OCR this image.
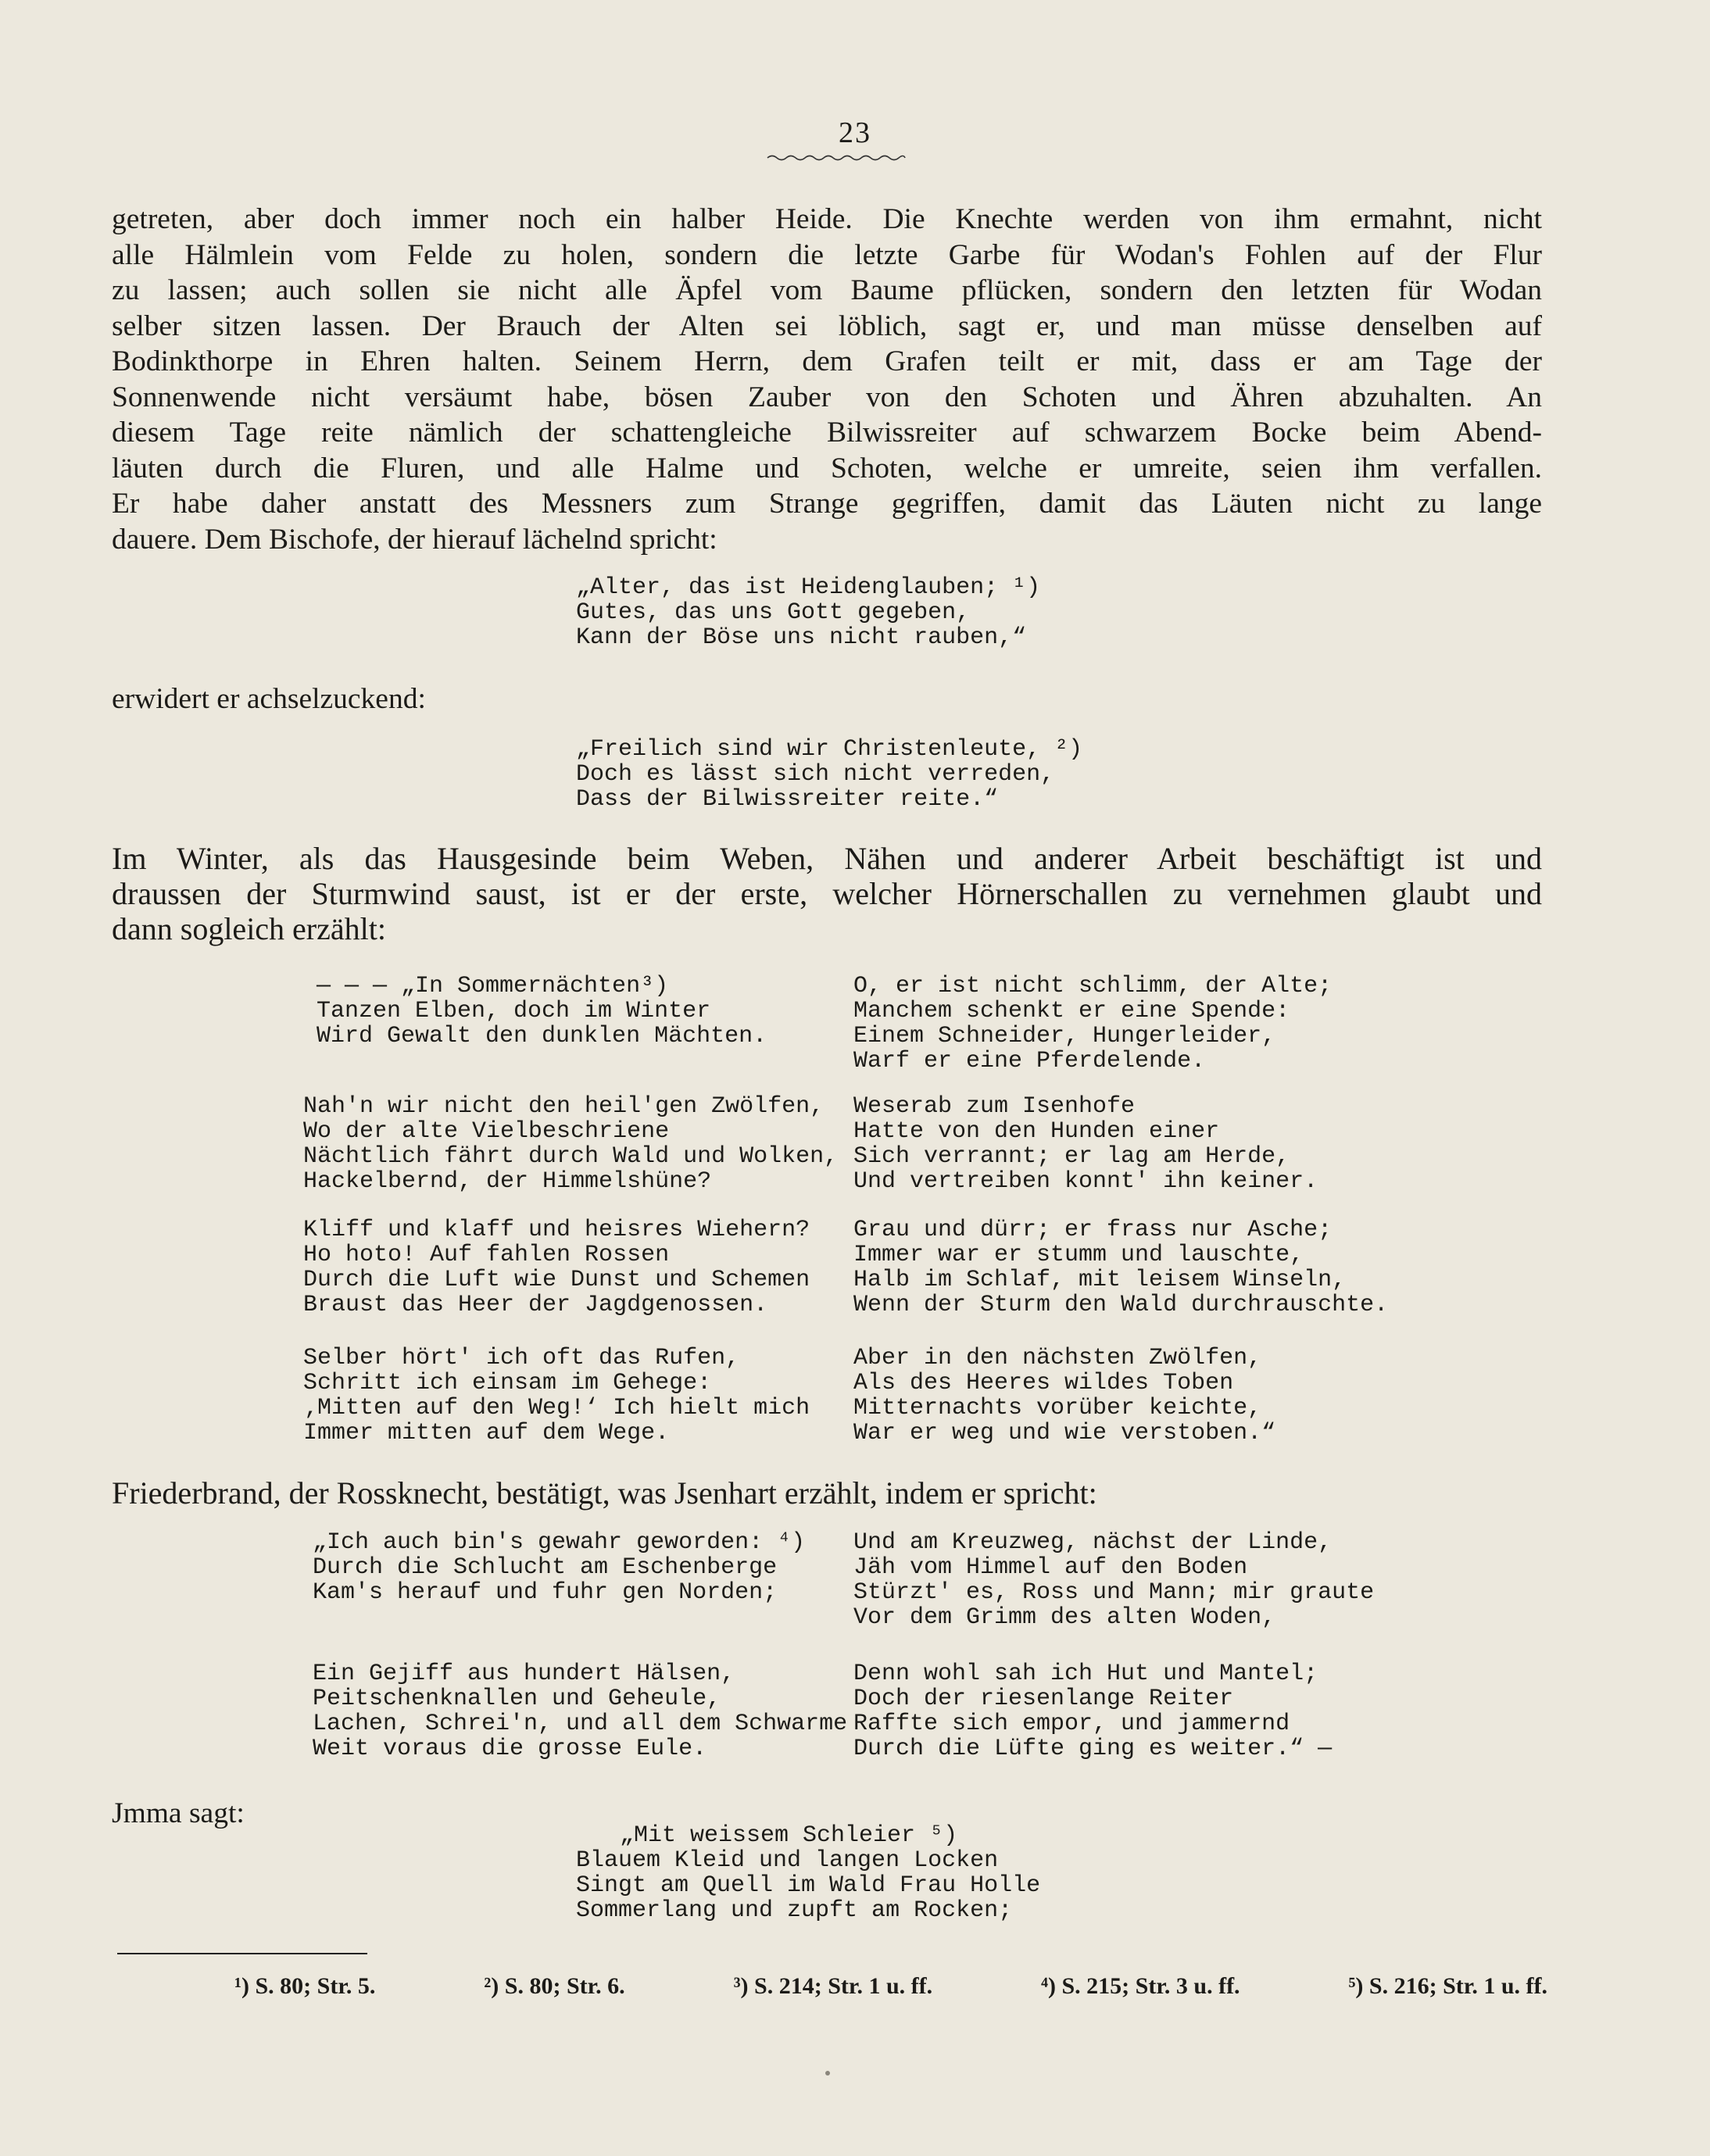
23
getreten, aber doch immer noch ein halber Heide. Die Knechte werden von ihm ermahnt, nicht
alle Hälmlein vom Felde zu holen, sondern die letzte Garbe für Wodan's Fohlen auf der Flur
zu lassen; auch sollen sie nicht alle Äpfel vom Baume pflücken, sondern den letzten für Wodan
selber sitzen lassen. Der Brauch der Alten sei löblich, sagt er, und man müsse denselben auf
Bodinkthorpe in Ehren halten. Seinem Herrn, dem Grafen teilt er mit, dass er am Tage der
Sonnenwende nicht versäumt habe, bösen Zauber von den Schoten und Ähren abzuhalten. An
diesem Tage reite nämlich der schattengleiche Bilwissreiter auf schwarzem Bocke beim Abend-
läuten durch die Fluren, und alle Halme und Schoten, welche er umreite, seien ihm verfallen.
Er habe daher anstatt des Messners zum Strange gegriffen, damit das Läuten nicht zu lange
dauere. Dem Bischofe, der hierauf lächelnd spricht:
„Alter, das ist Heidenglauben; ¹)
Gutes, das uns Gott gegeben,
Kann der Böse uns nicht rauben,“
erwidert er achselzuckend:
„Freilich sind wir Christenleute, ²)
Doch es lässt sich nicht verreden,
Dass der Bilwissreiter reite.“
Im Winter, als das Hausgesinde beim Weben, Nähen und anderer Arbeit beschäftigt ist und
draussen der Sturmwind saust, ist er der erste, welcher Hörnerschallen zu vernehmen glaubt und
dann sogleich erzählt:
— — — „In Sommernächten³)
Tanzen Elben, doch im Winter
Wird Gewalt den dunklen Mächten.
Nah'n wir nicht den heil'gen Zwölfen,
Wo der alte Vielbeschriene
Nächtlich fährt durch Wald und Wolken,
Hackelbernd, der Himmelshüne?
Kliff und klaff und heisres Wiehern?
Ho hoto! Auf fahlen Rossen
Durch die Luft wie Dunst und Schemen
Braust das Heer der Jagdgenossen.
Selber hört' ich oft das Rufen,
Schritt ich einsam im Gehege:
‚Mitten auf den Weg!‘ Ich hielt mich
Immer mitten auf dem Wege.
O, er ist nicht schlimm, der Alte;
Manchem schenkt er eine Spende:
Einem Schneider, Hungerleider,
Warf er eine Pferdelende.
Weserab zum Isenhofe
Hatte von den Hunden einer
Sich verrannt; er lag am Herde,
Und vertreiben konnt' ihn keiner.
Grau und dürr; er frass nur Asche;
Immer war er stumm und lauschte,
Halb im Schlaf, mit leisem Winseln,
Wenn der Sturm den Wald durchrauschte.
Aber in den nächsten Zwölfen,
Als des Heeres wildes Toben
Mitternachts vorüber keichte,
War er weg und wie verstoben.“
Friederbrand, der Rossknecht, bestätigt, was Jsenhart erzählt, indem er spricht:
„Ich auch bin's gewahr geworden: ⁴)
Durch die Schlucht am Eschenberge
Kam's herauf und fuhr gen Norden;
Ein Gejiff aus hundert Hälsen,
Peitschenknallen und Geheule,
Lachen, Schrei'n, und all dem Schwarme
Weit voraus die grosse Eule.
Und am Kreuzweg, nächst der Linde,
Jäh vom Himmel auf den Boden
Stürzt' es, Ross und Mann; mir graute
Vor dem Grimm des alten Woden,
Denn wohl sah ich Hut und Mantel;
Doch der riesenlange Reiter
Raffte sich empor, und jammernd
Durch die Lüfte ging es weiter.“ —
Jmma sagt:
„Mit weissem Schleier ⁵)
Blauem Kleid und langen Locken
Singt am Quell im Wald Frau Holle
Sommerlang und zupft am Rocken;
¹) S. 80; Str. 5.	²) S. 80; Str. 6.	³) S. 214; Str. 1 u. ff.	⁴) S. 215; Str. 3 u. ff.	⁵) S. 216; Str. 1 u. ff.
